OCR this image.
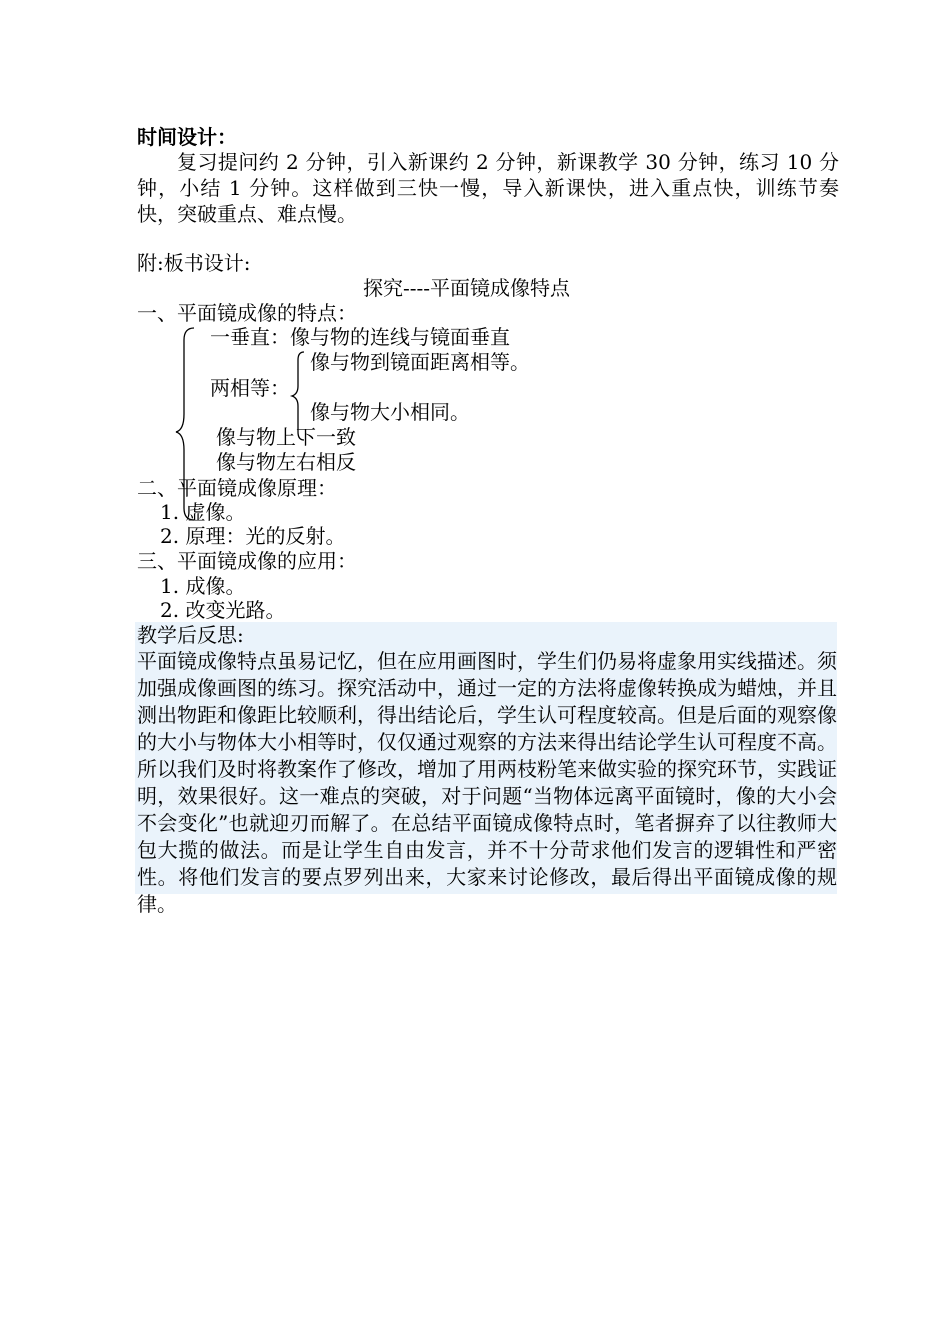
时间设计：
复习提问约 2 分钟，引入新课约 2 分钟，新课教学 30 分钟，练习 10 分钟，小结 1 分钟。这样做到三快一慢，导入新课快，进入重点快，训练节奏快，突破重点、难点慢。
附:板书设计:
探究----平面镜成像特点
一、平面镜成像的特点：
一垂直：像与物的连线与镜面垂直
两相等：
像与物到镜面距离相等。
像与物大小相同。
像与物上下一致
像与物左右相反
二、平面镜成像原理：
1. 虚像。
2. 原理：光的反射。
三、平面镜成像的应用：
1. 成像。
2. 改变光路。
教学后反思:
平面镜成像特点虽易记忆，但在应用画图时，学生们仍易将虚象用实线描述。须加强成像画图的练习。探究活动中，通过一定的方法将虚像转换成为蜡烛，并且测出物距和像距比较顺利，得出结论后，学生认可程度较高。但是后面的观察像的大小与物体大小相等时，仅仅通过观察的方法来得出结论学生认可程度不高。所以我们及时将教案作了修改，增加了用两枝粉笔来做实验的探究环节，实践证明，效果很好。这一难点的突破，对于问题“当物体远离平面镜时，像的大小会不会变化”也就迎刃而解了。在总结平面镜成像特点时，笔者摒弃了以往教师大包大揽的做法。而是让学生自由发言，并不十分苛求他们发言的逻辑性和严密性。将他们发言的要点罗列出来，大家来讨论修改，最后得出平面镜成像的规律。
